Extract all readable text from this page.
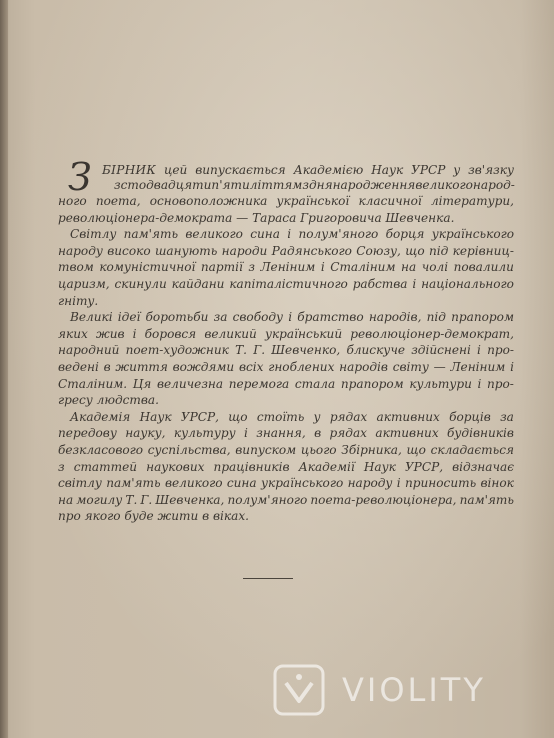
З БІРНИК цей випускається Академією Наук УРСР у зв'язку
з стодвадцятип'ятиліттям з дня народження великого народ-
ного поета, основоположника української класичної літератури,
революціонера-демократа — Тараса Григоровича Шевченка.
Світлу пам'ять великого сина і полум'яного борця українського
народу високо шанують народи Радянського Союзу, що під керівниц-
твом комуністичної партії з Леніним і Сталіним на чолі повалили
царизм, скинули кайдани капіталістичного рабства і національного
гніту.
Великі ідеї боротьби за свободу і братство народів, під прапором
яких жив і боровся великий український революціонер-демократ,
народний поет-художник Т. Г. Шевченко, блискуче здійснені і про-
ведені в життя вождями всіх гноблених народів світу — Леніним і
Сталіним. Ця величезна перемога стала прапором культури і про-
гресу людства.
Академія Наук УРСР, що стоїть у рядах активних борців за
передову науку, культуру і знання, в рядах активних будівників
безкласового суспільства, випуском цього Збірника, що складається
з статтей наукових працівників Академії Наук УРСР, відзначає
світлу пам'ять великого сина українського народу і приносить вінок
на могилу Т. Г. Шевченка, полум'яного поета-революціонера, пам'ять
про якого буде жити в віках.
VIOLITY
